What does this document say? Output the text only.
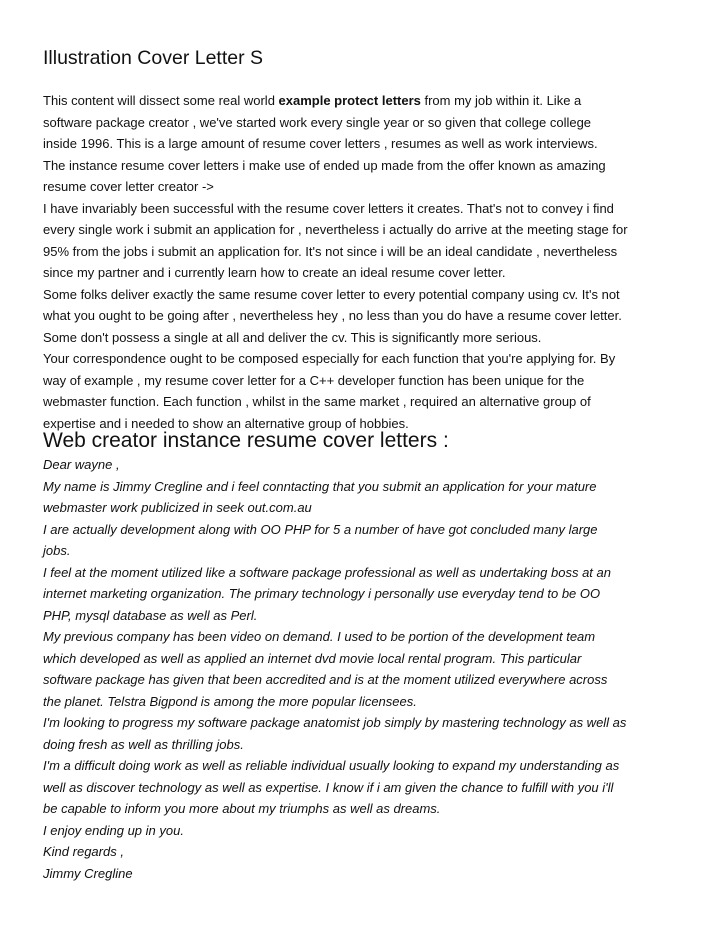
Illustration Cover Letter S
This content will dissect some real world example protect letters from my job within it. Like a
software package creator , we've started work every single year or so given that college college
inside 1996. This is a large amount of resume cover letters , resumes as well as work interviews.
The instance resume cover letters i make use of ended up made from the offer known as amazing
resume cover letter creator ->
I have invariably been successful with the resume cover letters it creates. That's not to convey i find
every single work i submit an application for , nevertheless i actually do arrive at the meeting stage for
95% from the jobs i submit an application for. It's not since i will be an ideal candidate , nevertheless
since my partner and i currently learn how to create an ideal resume cover letter.
Some folks deliver exactly the same resume cover letter to every potential company using cv. It's not
what you ought to be going after , nevertheless hey , no less than you do have a resume cover letter.
Some don't possess a single at all and deliver the cv. This is significantly more serious.
Your correspondence ought to be composed especially for each function that you're applying for. By
way of example , my resume cover letter for a C++ developer function has been unique for the
webmaster function. Each function , whilst in the same market , required an alternative group of
expertise and i needed to show an alternative group of hobbies.
Web creator instance resume cover letters :
Dear wayne ,
My name is Jimmy Cregline and i feel conntacting that you submit an application for your mature
webmaster work publicized in seek out.com.au
I are actually development along with OO PHP for 5 a number of have got concluded many large
jobs.
I feel at the moment utilized like a software package professional as well as undertaking boss at an
internet marketing organization. The primary technology i personally use everyday tend to be OO
PHP, mysql database as well as Perl.
My previous company has been video on demand. I used to be portion of the development team
which developed as well as applied an internet dvd movie local rental program. This particular
software package has given that been accredited and is at the moment utilized everywhere across
the planet. Telstra Bigpond is among the more popular licensees.
I'm looking to progress my software package anatomist job simply by mastering technology as well as
doing fresh as well as thrilling jobs.
I'm a difficult doing work as well as reliable individual usually looking to expand my understanding as
well as discover technology as well as expertise. I know if i am given the chance to fulfill with you i'll
be capable to inform you more about my triumphs as well as dreams.
I enjoy ending up in you.
Kind regards ,
Jimmy Cregline
